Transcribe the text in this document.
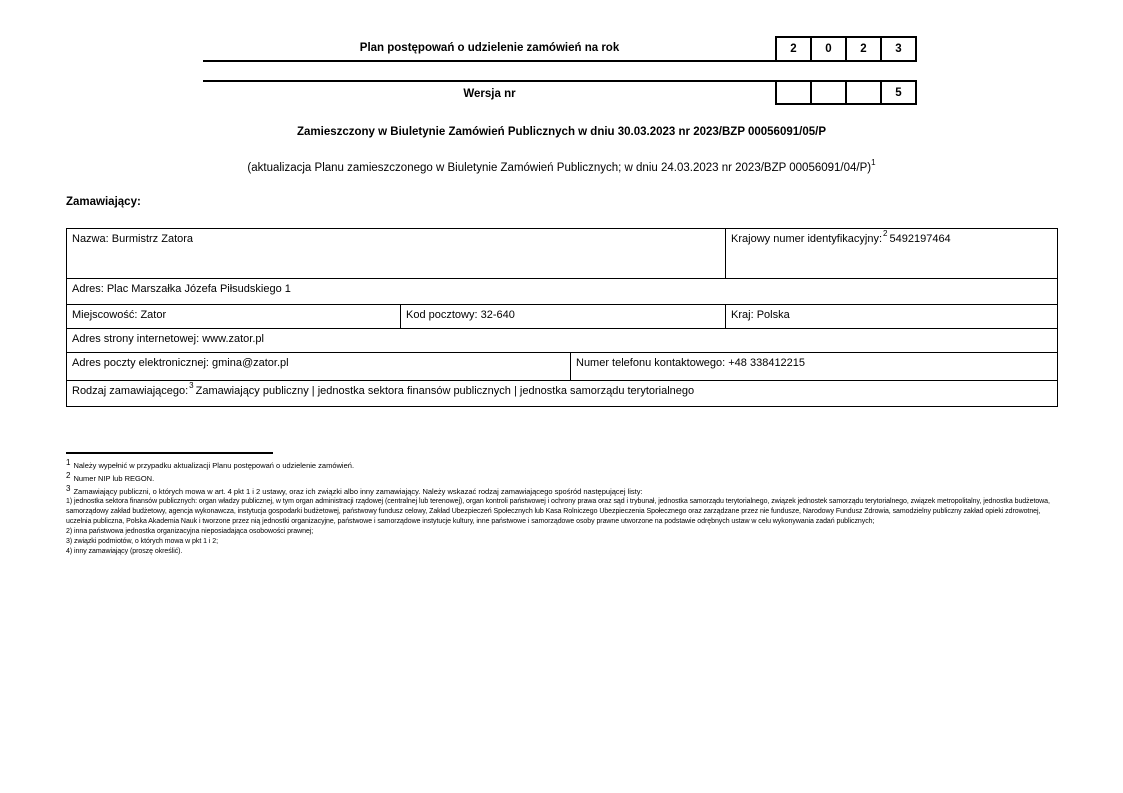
Plan postępowań o udzielenie zamówień na rok	2	0	2	3
Wersja nr	5
Zamieszczony w Biuletynie Zamówień Publicznych w dniu 30.03.2023 nr 2023/BZP 00056091/05/P
(aktualizacja Planu zamieszczonego w Biuletynie Zamówień Publicznych; w dniu 24.03.2023 nr 2023/BZP 00056091/04/P)$^1$
Zamawiający:
Nazwa: Burmistrz Zatora			Krajowy numer identyfikacyjny:$^2$ 5492197464
Adres: Plac Marszałka Józefa Piłsudskiego 1			
Miejscowość: Zator	Kod pocztowy: 32-640		Kraj: Polska
Adres strony internetowej: www.zator.pl			
Adres poczty elektronicznej: gmina@zator.pl		Numer telefonu kontaktowego: +48 338412215	
Rodzaj zamawiającego:$^3$ Zamawiający publiczny | jednostka sektora finansów publicznych | jednostka samorządu terytorialnego			
1 Należy wypełnić w przypadku aktualizacji Planu postępowań o udzielenie zamówień.
2 Numer NIP lub REGON.
3 Zamawiający publiczni, o których mowa w art. 4 pkt 1 i 2 ustawy, oraz ich związki albo inny zamawiający. Należy wskazać rodzaj zamawiającego spośród następującej listy:
1) jednostka sektora finansów publicznych: organ władzy publicznej, w tym organ administracji rządowej (centralnej lub terenowej), organ kontroli państwowej i ochrony prawa oraz sąd i trybunał, jednostka samorządu terytorialnego, związek jednostek samorządu terytorialnego, związek metropolitalny, jednostka budżetowa, samorządowy zakład budżetowy, agencja wykonawcza, instytucja gospodarki budżetowej, państwowy fundusz celowy, Zakład Ubezpieczeń Społecznych lub Kasa Rolniczego Ubezpieczenia Społecznego oraz zarządzane przez nie fundusze, Narodowy Fundusz Zdrowia, samodzielny publiczny zakład opieki zdrowotnej, uczelnia publiczna, Polska Akademia Nauk i tworzone przez nią jednostki organizacyjne, państwowe i samorządowe instytucje kultury, inne państwowe i samorządowe osoby prawne utworzone na podstawie odrębnych ustaw w celu wykonywania zadań publicznych;
2) inna państwowa jednostka organizacyjna nieposiadająca osobowości prawnej;
3) związki podmiotów, o których mowa w pkt 1 i 2;
4) inny zamawiający (proszę określić).
